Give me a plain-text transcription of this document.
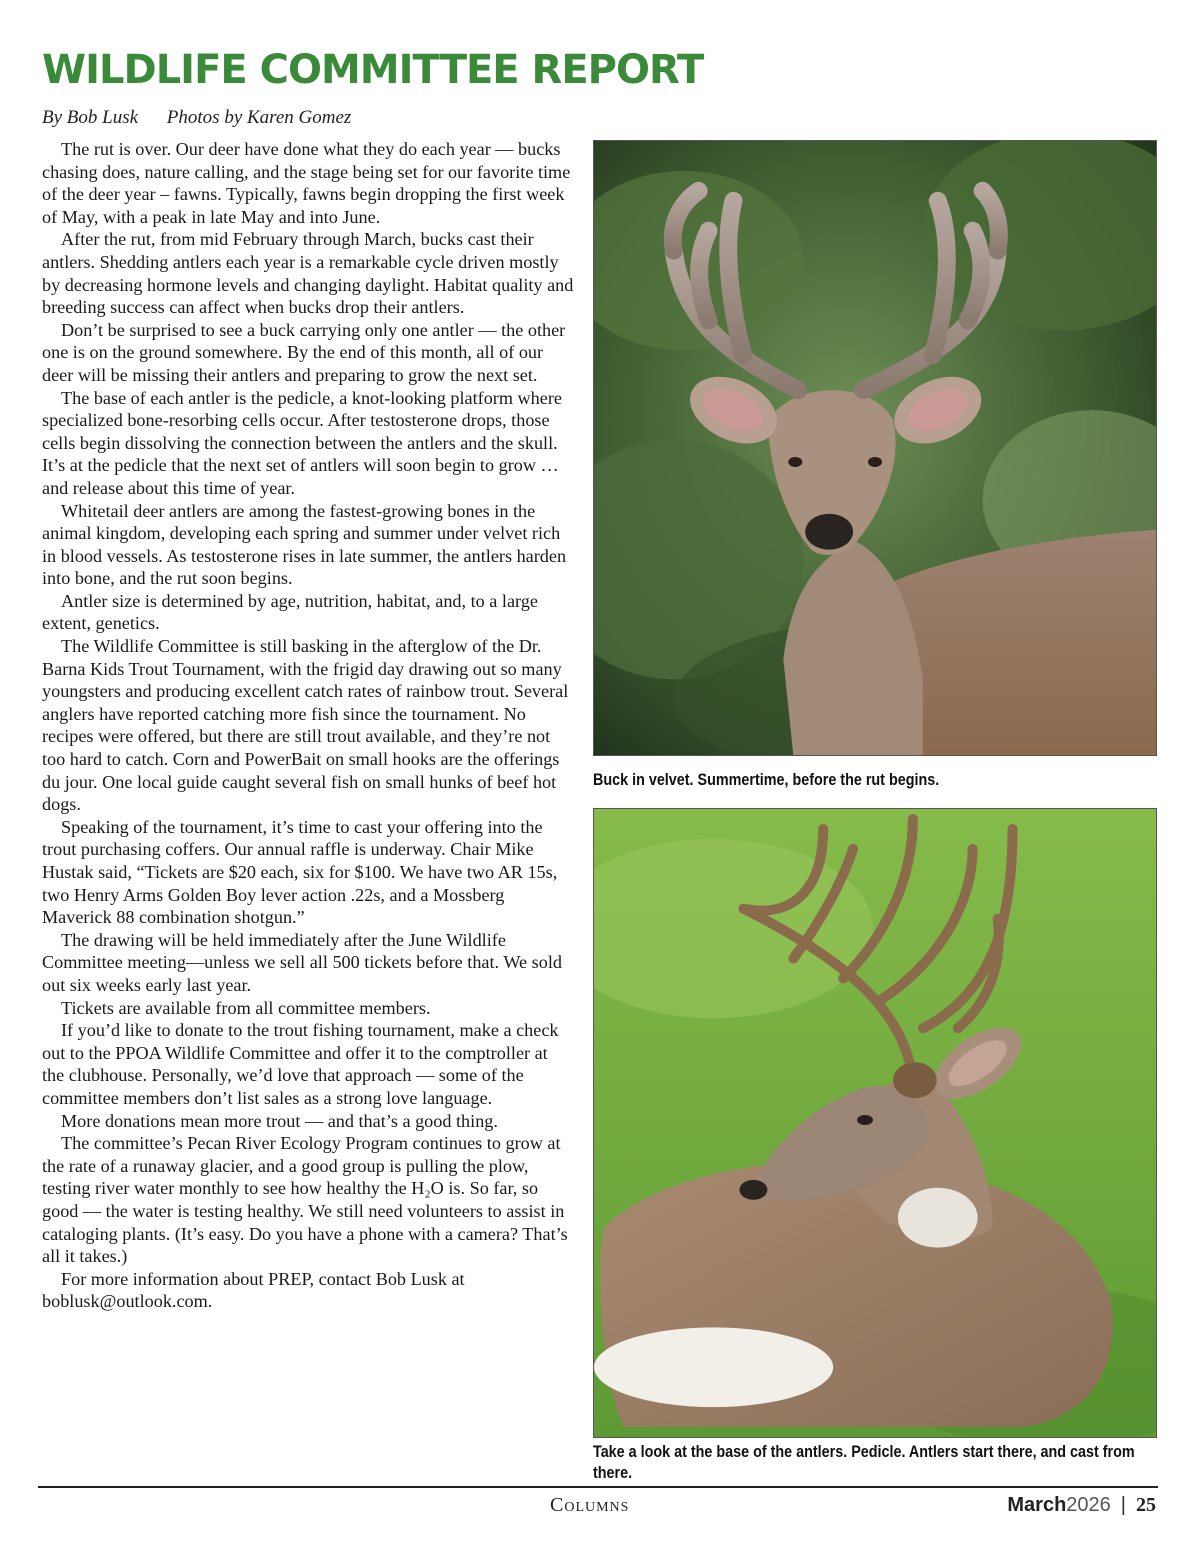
WILDLIFE COMMITTEE REPORT
By Bob Lusk Photos by Karen Gomez

The rut is over. Our deer have done what they do each year — bucks chasing does, nature calling, and the stage being set for our favorite time of the deer year – fawns. Typically, fawns begin dropping the first week of May, with a peak in late May and into June.

After the rut, from mid February through March, bucks cast their antlers. Shedding antlers each year is a remarkable cycle driven mostly by decreasing hormone levels and changing daylight. Habitat quality and breeding success can affect when bucks drop their antlers.

Don’t be surprised to see a buck carrying only one antler — the other one is on the ground somewhere. By the end of this month, all of our deer will be missing their antlers and preparing to grow the next set.

The base of each antler is the pedicle, a knot-looking platform where specialized bone-resorbing cells occur. After testosterone drops, those cells begin dissolving the connection between the antlers and the skull. It’s at the pedicle that the next set of antlers will soon begin to grow … and release about this time of year.

Whitetail deer antlers are among the fastest-growing bones in the animal kingdom, developing each spring and summer under velvet rich in blood vessels. As testosterone rises in late summer, the antlers harden into bone, and the rut soon begins.

Antler size is determined by age, nutrition, habitat, and, to a large extent, genetics.

The Wildlife Committee is still basking in the afterglow of the Dr. Barna Kids Trout Tournament, with the frigid day drawing out so many youngsters and producing excellent catch rates of rainbow trout. Several anglers have reported catching more fish since the tournament. No recipes were offered, but there are still trout available, and they’re not too hard to catch. Corn and PowerBait on small hooks are the offerings du jour. One local guide caught several fish on small hunks of beef hot dogs.

Speaking of the tournament, it’s time to cast your offering into the trout purchasing coffers. Our annual raffle is underway. Chair Mike Hustak said, “Tickets are $20 each, six for $100. We have two AR 15s, two Henry Arms Golden Boy lever action .22s, and a Mossberg Maverick 88 combination shotgun.”

The drawing will be held immediately after the June Wildlife Committee meeting—unless we sell all 500 tickets before that. We sold out six weeks early last year.

Tickets are available from all committee members.

If you’d like to donate to the trout fishing tournament, make a check out to the PPOA Wildlife Committee and offer it to the comptroller at the clubhouse. Personally, we’d love that approach — some of the committee members don’t list sales as a strong love language.

More donations mean more trout — and that’s a good thing.

The committee’s Pecan River Ecology Program continues to grow at the rate of a runaway glacier, and a good group is pulling the plow, testing river water monthly to see how healthy the H₂O is. So far, so good — the water is testing healthy. We still need volunteers to assist in cataloging plants. (It’s easy. Do you have a phone with a camera? That’s all it takes.)

For more information about PREP, contact Bob Lusk at boblusk@outlook.com.

Buck in velvet. Summertime, before the rut begins.
Take a look at the base of the antlers. Pedicle. Antlers start there, and cast from there.
Columns	March2026 | 25
